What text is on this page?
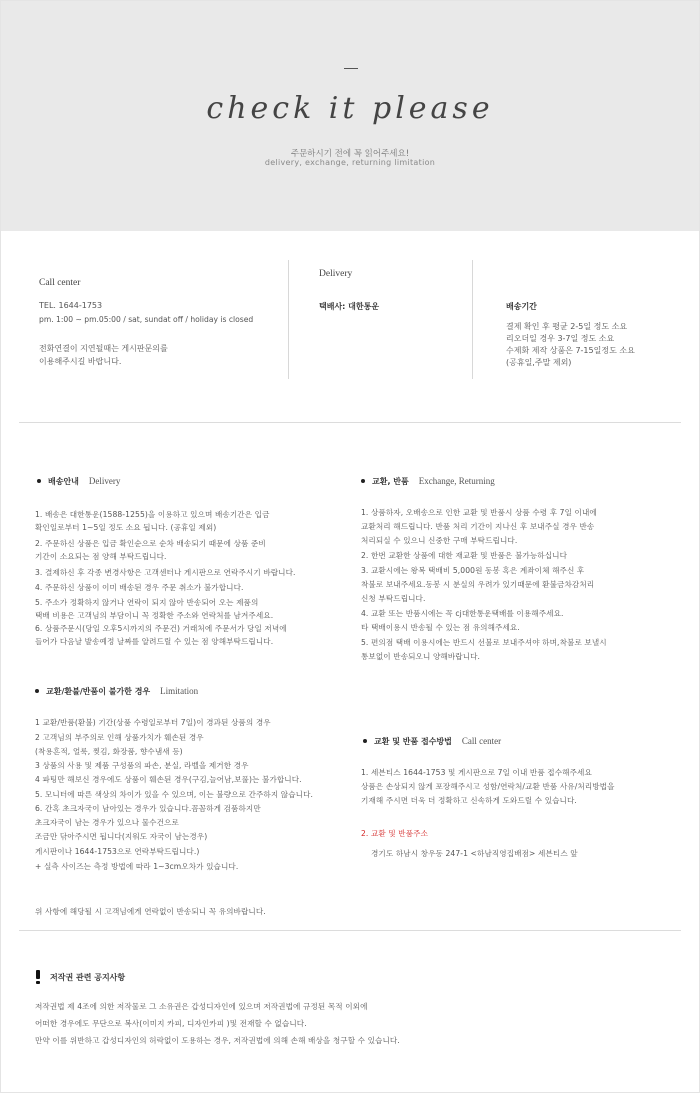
check it please
주문하시기 전에 꼭 읽어주세요!
delivery, exchange, returning limitation
Call center
TEL. 1644-1753
pm. 1:00 ~ pm.05:00 / sat, sundat off / holiday is closed
전화연결이 지연될때는 게시판문의를
이용해주시길 바랍니다.
Delivery
택배사: 대한통운	배송기간
결제 확인 후 평균 2-5일 정도 소요
리오더일 경우 3-7일 정도 소요
수제화 제작 상품은 7-15일정도 소요
(공휴일,주말 제외)
배송안내 Delivery
1. 배송은 대한통운(1588-1255)을 이용하고 있으며 배송기간은 입금
확인일로부터 1~5일 정도 소요 됩니다. (공휴일 제외)
2. 주문하신 상품은 입금 확인순으로 순차 배송되기 때문에 상품 준비
기간이 소요되는 점 양해 부탁드립니다.
3. 결제하신 후 각종 변경사항은 고객센터나 게시판으로 연락주시기 바랍니다.
4. 주문하신 상품이 이미 배송된 경우 주문 취소가 불가합니다.
5. 주소가 정확하지 않거나 연락이 되지 않아 반송되어 오는 제품의
택배 비용은 고객님의 부담이니 꼭 정확한 주소와 연락처를 남겨주세요.
6. 상품주문시(당일 오후5시까지의 주문건) 거래처에 주문서가 당일 저녁에
들어가 다음날 발송예정 날짜를 알려드릴 수 있는 점 양해부탁드립니다.
교환, 반품 Exchange, Returning
1. 상품하자, 오배송으로 인한 교환 및 반품시 상품 수령 후 7일 이내에
교환처리 해드립니다. 반품 처리 기간이 지나신 후 보내주실 경우 반송
처리되실 수 있으니 신중한 구매 부탁드립니다.
2. 한번 교환한 상품에 대한 재교환 및 반품은 불가능하십니다
3. 교환시에는 왕복 택배비 5,000원 동봉 혹은 계좌이체 해주신 후
착불로 보내주세요.동봉 시 분실의 우려가 있기때문에 환불금차감처리
신청 부탁드립니다.
4. 교환 또는 반품시에는 꼭 cj대한통운택배를 이용해주세요.
타 택배이용시 반송될 수 있는 점 유의해주세요.
5. 편의점 택배 이용시에는 반드시 선불로 보내주셔야 하며,착불로 보낼시
통보없이 반송되오니 양해바랍니다.
교환/환불/반품이 불가한 경우 Limitation
1 교환/반품(환불) 기간(상품 수령일로부터 7일)이 경과된 상품의 경우
2 고객님의 부주의로 인해 상품가치가 훼손된 경우
(착용흔적, 얼룩, 찢김, 화장품, 향수냄새 등)
3 상품의 사용 및 제품 구성품의 파손, 분실, 라벨을 제거한 경우
4 파팅만 해보신 경우에도 상품이 훼손된 경우(구김,늘어남,보풀)는 불가합니다.
5. 모니터에 따른 색상의 차이가 있을 수 있으며, 이는 불량으로 간주하지 않습니다.
6. 간혹 초크자국이 남아있는 경우가 있습니다.꼼꼼하게 검품하지만
초크자국이 남는 경우가 있으나 물수건으로
조금만 닦아주시면 됩니다(지워도 자국이 남는경우)
게시판이나 1644-1753으로 연락부탁드립니다.)
+ 실측 사이즈는 측정 방법에 따라 1~3cm오차가 있습니다.
교환 및 반품 접수방법 Call center
1. 세븐티스 1644-1753 및 게시판으로 7일 이내 반품 접수해주세요
상품은 손상되지 않게 포장해주시고 성함/연락처/교환 반품 사유/처리방법을
기재해 주시면 더욱 더 정확하고 신속하게 도와드릴 수 있습니다.
2. 교환 및 반품주소
경기도 하남시 창우동 247-1 <하남직영집배점> 세븐티스 앞
위 사항에 해당될 시 고객님에게 연락없이 반송되니 꼭 유의바랍니다.
저작권 관련 공지사항
저작권법 제 4조에 의한 저작물로 그 소유권은 갑성디자인에 있으며 저작권법에 규정된 목적 이외에
어떠한 경우에도 무단으로 복사(이미지 카피, 디자인카피 )및 전재할 수 없습니다.
만약 이를 위반하고 갑성디자인의 허락없이 도용하는 경우, 저작권법에 의해 손해 배상을 청구할 수 있습니다.
